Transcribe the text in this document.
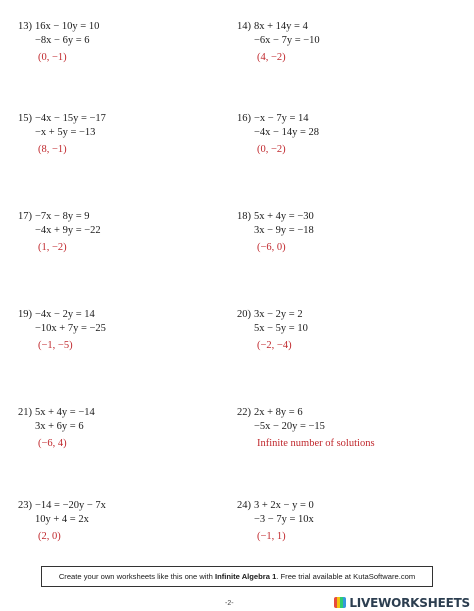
13) 16x − 10y = 10
−8x − 6y = 6
(0, −1)
14) 8x + 14y = 4
−6x − 7y = −10
(4, −2)
15) −4x − 15y = −17
−x + 5y = −13
(8, −1)
16) −x − 7y = 14
−4x − 14y = 28
(0, −2)
17) −7x − 8y = 9
−4x + 9y = −22
(1, −2)
18) 5x + 4y = −30
3x − 9y = −18
(−6, 0)
19) −4x − 2y = 14
−10x + 7y = −25
(−1, −5)
20) 3x − 2y = 2
5x − 5y = 10
(−2, −4)
21) 5x + 4y = −14
3x + 6y = 6
(−6, 4)
22) 2x + 8y = 6
−5x − 20y = −15
Infinite number of solutions
23) −14 = −20y − 7x
10y + 4 = 2x
(2, 0)
24) 3 + 2x − y = 0
−3 − 7y = 10x
(−1, 1)
Create your own worksheets like this one with Infinite Algebra 1. Free trial available at KutaSoftware.com
-2-	LIVEWORKSHEETS
